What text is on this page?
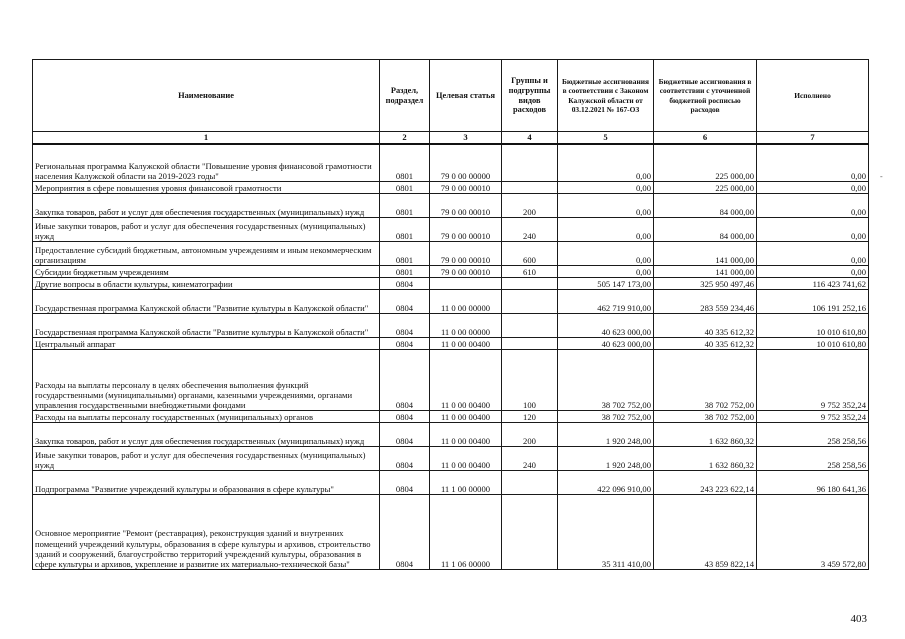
Наименование	Раздел, подраздел	Целевая статья	Группы и подгруппы видов расходов	Бюджетные ассигнования в соответствии с Законом Калужской области от 03.12.2021 № 167-ОЗ	Бюджетные ассигнования в соответствии с уточненной бюджетной росписью расходов	Исполнено
1	2	3	4	5	6	7
Региональная программа Калужской области "Повышение уровня финансовой грамотности населения Калужской области на 2019-2023 годы"	0801	79 0 00 00000		0,00	225 000,00	0,00
Мероприятия в сфере повышения уровня финансовой грамотности	0801	79 0 00 00010		0,00	225 000,00	0,00
Закупка товаров, работ и услуг для обеспечения государственных (муниципальных) нужд	0801	79 0 00 00010	200	0,00	84 000,00	0,00
Иные закупки товаров, работ и услуг для обеспечения государственных (муниципальных) нужд	0801	79 0 00 00010	240	0,00	84 000,00	0,00
Предоставление субсидий бюджетным, автономным учреждениям и иным некоммерческим организациям	0801	79 0 00 00010	600	0,00	141 000,00	0,00
Субсидии бюджетным учреждениям	0801	79 0 00 00010	610	0,00	141 000,00	0,00
Другие вопросы в области культуры, кинематографии	0804			505 147 173,00	325 950 497,46	116 423 741,62
Государственная программа Калужской области "Развитие культуры в Калужской области"	0804	11 0 00 00000		462 719 910,00	283 559 234,46	106 191 252,16
Государственная программа Калужской области "Развитие культуры в Калужской области"	0804	11 0 00 00000		40 623 000,00	40 335 612,32	10 010 610,80
Центральный аппарат	0804	11 0 00 00400		40 623 000,00	40 335 612,32	10 010 610,80
Расходы на выплаты персоналу в целях обеспечения выполнения функций государственными (муниципальными) органами, казенными учреждениями, органами управления государственными внебюджетными фондами	0804	11 0 00 00400	100	38 702 752,00	38 702 752,00	9 752 352,24
Расходы на выплаты персоналу государственных (муниципальных) органов	0804	11 0 00 00400	120	38 702 752,00	38 702 752,00	9 752 352,24
Закупка товаров, работ и услуг для обеспечения государственных (муниципальных) нужд	0804	11 0 00 00400	200	1 920 248,00	1 632 860,32	258 258,56
Иные закупки товаров, работ и услуг для обеспечения государственных (муниципальных) нужд	0804	11 0 00 00400	240	1 920 248,00	1 632 860,32	258 258,56
Подпрограмма "Развитие учреждений культуры и образования в сфере культуры"	0804	11 1 00 00000		422 096 910,00	243 223 622,14	96 180 641,36
Основное мероприятие "Ремонт (реставрация), реконструкция зданий и внутренних помещений учреждений культуры, образования в сфере культуры и архивов, строительство зданий и сооружений, благоустройство территорий учреждений культуры, образования в сфере культуры и архивов, укрепление и развитие их материально-технической базы"	0804	11 1 06 00000		35 311 410,00	43 859 822,14	3 459 572,80
403
-
